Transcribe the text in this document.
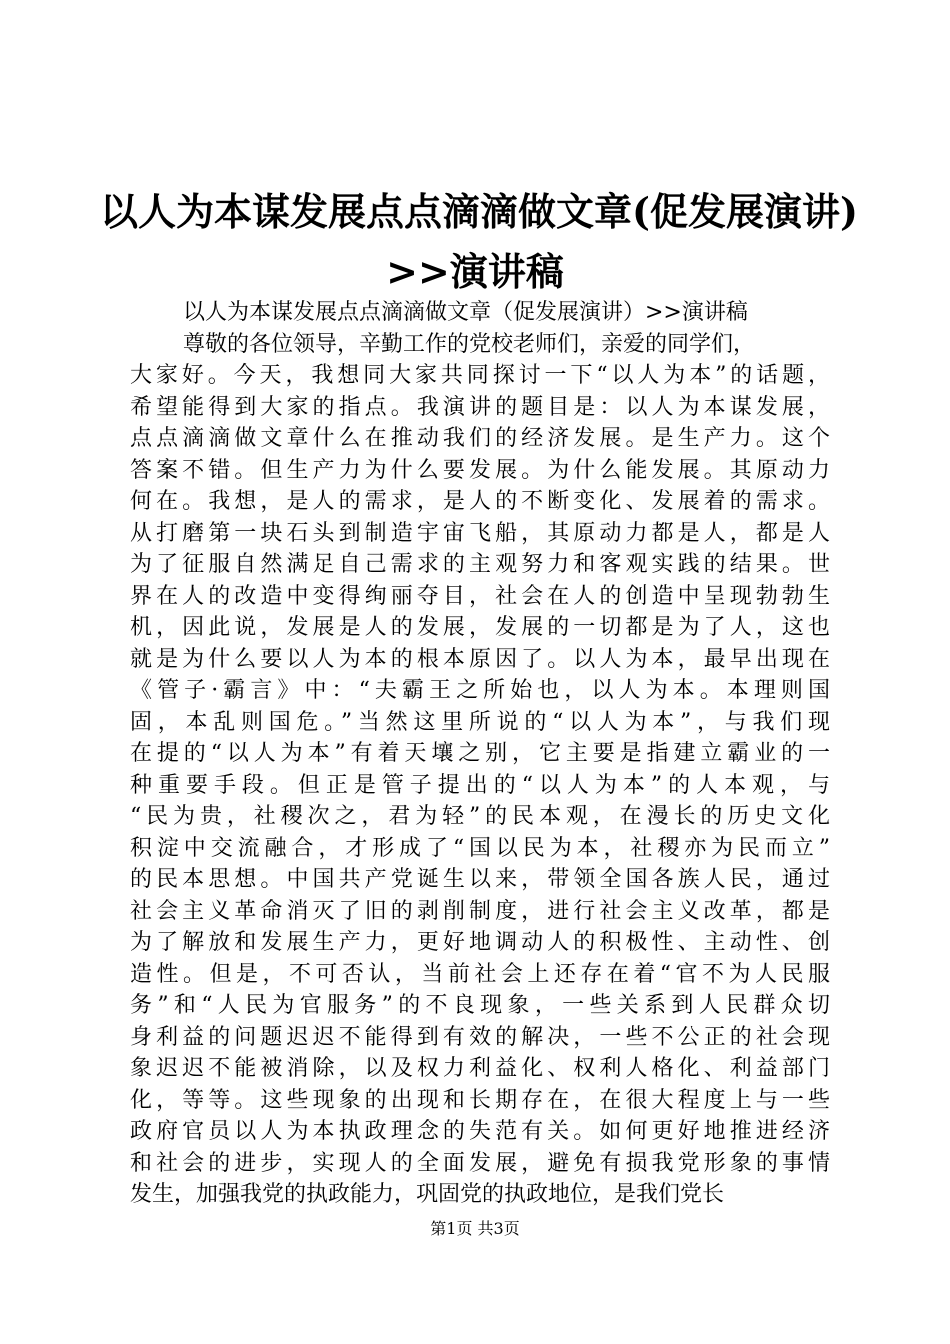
以人为本谋发展点点滴滴做文章(促发展演讲)
>>演讲稿
以人为本谋发展点点滴滴做文章（促发展演讲）>>演讲稿
尊敬的各位领导，辛勤工作的党校老师们，亲爱的同学们，
大家好。今天，我想同大家共同探讨一下“以人为本”的话题，
希望能得到大家的指点。我演讲的题目是：以人为本谋发展，
点点滴滴做文章什么在推动我们的经济发展。是生产力。这个
答案不错。但生产力为什么要发展。为什么能发展。其原动力
何在。我想，是人的需求，是人的不断变化、发展着的需求。
从打磨第一块石头到制造宇宙飞船，其原动力都是人，都是人
为了征服自然满足自己需求的主观努力和客观实践的结果。世
界在人的改造中变得绚丽夺目，社会在人的创造中呈现勃勃生
机，因此说，发展是人的发展，发展的一切都是为了人，这也
就是为什么要以人为本的根本原因了。以人为本，最早出现在
《管子·霸言》中：“夫霸王之所始也，以人为本。本理则国
固，本乱则国危。”当然这里所说的“以人为本”，与我们现
在提的“以人为本”有着天壤之别，它主要是指建立霸业的一
种重要手段。但正是管子提出的“以人为本”的人本观，与
“民为贵，社稷次之，君为轻”的民本观，在漫长的历史文化
积淀中交流融合，才形成了“国以民为本，社稷亦为民而立”
的民本思想。中国共产党诞生以来，带领全国各族人民，通过
社会主义革命消灭了旧的剥削制度，进行社会主义改革，都是
为了解放和发展生产力，更好地调动人的积极性、主动性、创
造性。但是，不可否认，当前社会上还存在着“官不为人民服
务”和“人民为官服务”的不良现象，一些关系到人民群众切
身利益的问题迟迟不能得到有效的解决，一些不公正的社会现
象迟迟不能被消除，以及权力利益化、权利人格化、利益部门
化，等等。这些现象的出现和长期存在，在很大程度上与一些
政府官员以人为本执政理念的失范有关。如何更好地推进经济
和社会的进步，实现人的全面发展，避免有损我党形象的事情
发生，加强我党的执政能力，巩固党的执政地位，是我们党长
第1页 共3页
